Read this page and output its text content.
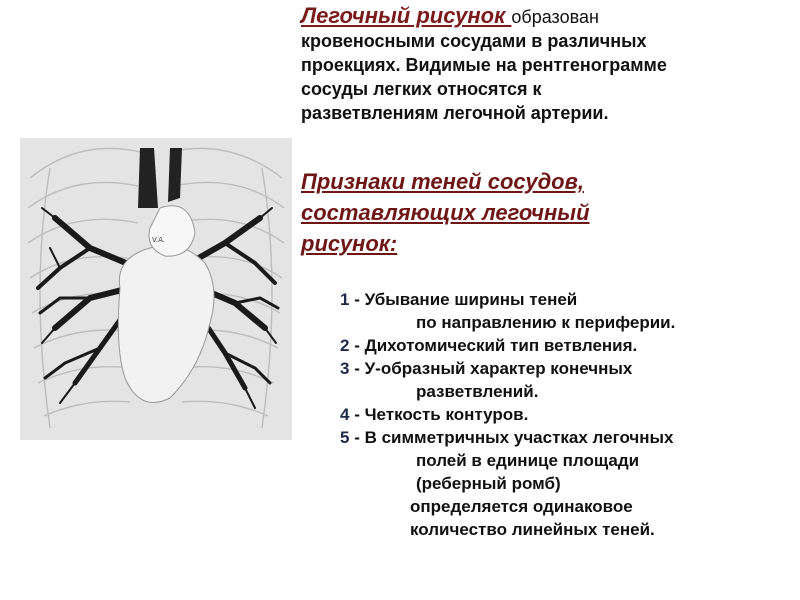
V.A.
Легочный рисунок образован
кровеносными сосудами в различных
проекциях. Видимые на рентгенограмме
сосуды легких относятся к
разветвлениям легочной артерии.
Признаки теней сосудов,
составляющих легочный
рисунок:
1 - Убывание ширины теней
по направлению к периферии.
2 - Дихотомический тип ветвления.
3 - У-образный характер конечных
разветвлений.
4 - Четкость контуров.
5 - В симметричных участках легочных
полей в единице площади
(реберный ромб)
определяется одинаковое
количество линейных теней.
